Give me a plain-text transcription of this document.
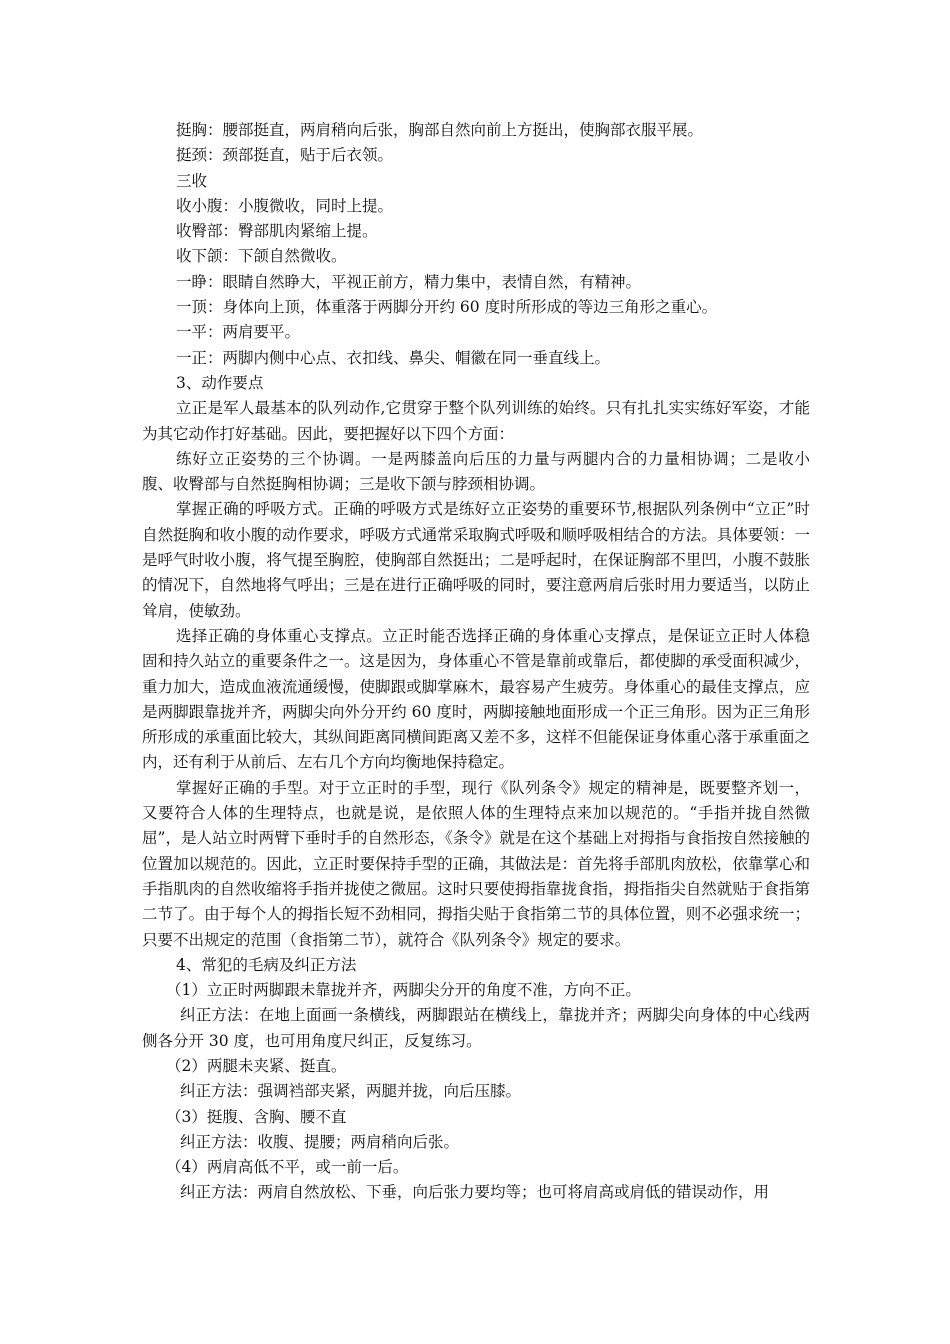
挺胸：腰部挺直，两肩稍向后张，胸部自然向前上方挺出，使胸部衣服平展。

挺颈：颈部挺直，贴于后衣领。

三收

收小腹：小腹微收，同时上提。

收臀部：臀部肌肉紧缩上提。

收下颌：下颌自然微收。

一睁：眼睛自然睁大，平视正前方，精力集中，表情自然，有精神。

一顶：身体向上顶，体重落于两脚分开约 60 度时所形成的等边三角形之重心。

一平：两肩要平。

一正：两脚内侧中心点、衣扣线、鼻尖、帽徽在同一垂直线上。

3、动作要点

立正是军人最基本的队列动作,它贯穿于整个队列训练的始终。只有扎扎实实练好军姿，才能为其它动作打好基础。因此，要把握好以下四个方面：

练好立正姿势的三个协调。一是两膝盖向后压的力量与两腿内合的力量相协调；二是收小腹、收臀部与自然挺胸相协调；三是收下颌与脖颈相协调。

掌握正确的呼吸方式。正确的呼吸方式是练好立正姿势的重要环节,根据队列条例中“立正”时自然挺胸和收小腹的动作要求，呼吸方式通常采取胸式呼吸和顺呼吸相结合的方法。具体要领：一是呼气时收小腹，将气提至胸腔，使胸部自然挺出；二是呼起时，在保证胸部不里凹，小腹不鼓胀的情况下，自然地将气呼出；三是在进行正确呼吸的同时，要注意两肩后张时用力要适当，以防止耸肩，使敏劲。

选择正确的身体重心支撑点。立正时能否选择正确的身体重心支撑点，是保证立正时人体稳固和持久站立的重要条件之一。这是因为，身体重心不管是靠前或靠后，都使脚的承受面积减少，重力加大，造成血液流通缓慢，使脚跟或脚掌麻木，最容易产生疲劳。身体重心的最佳支撑点，应是两脚跟靠拢并齐，两脚尖向外分开约 60 度时，两脚接触地面形成一个正三角形。因为正三角形所形成的承重面比较大，其纵间距离同横间距离又差不多，这样不但能保证身体重心落于承重面之内，还有利于从前后、左右几个方向均衡地保持稳定。

掌握好正确的手型。对于立正时的手型，现行《队列条令》规定的精神是，既要整齐划一，又要符合人体的生理特点，也就是说，是依照人体的生理特点来加以规范的。“手指并拢自然微屈”，是人站立时两臂下垂时手的自然形态，《条令》就是在这个基础上对拇指与食指按自然接触的位置加以规范的。因此，立正时要保持手型的正确，其做法是：首先将手部肌肉放松，依靠掌心和手指肌肉的自然收缩将手指并拢使之微屈。这时只要使拇指靠拢食指，拇指指尖自然就贴于食指第二节了。由于每个人的拇指长短不劲相同，拇指尖贴于食指第二节的具体位置，则不必强求统一；只要不出规定的范围（食指第二节），就符合《队列条令》规定的要求。

4、常犯的毛病及纠正方法

（1）立正时两脚跟未靠拢并齐，两脚尖分开的角度不准，方向不正。

纠正方法：在地上面画一条横线，两脚跟站在横线上，靠拢并齐；两脚尖向身体的中心线两侧各分开 30 度，也可用角度尺纠正，反复练习。

（2）两腿未夹紧、挺直。

纠正方法：强调裆部夹紧，两腿并拢，向后压膝。

（3）挺腹、含胸、腰不直

纠正方法：收腹、提腰；两肩稍向后张。

（4）两肩高低不平，或一前一后。

纠正方法：两肩自然放松、下垂，向后张力要均等；也可将肩高或肩低的错误动作，用
